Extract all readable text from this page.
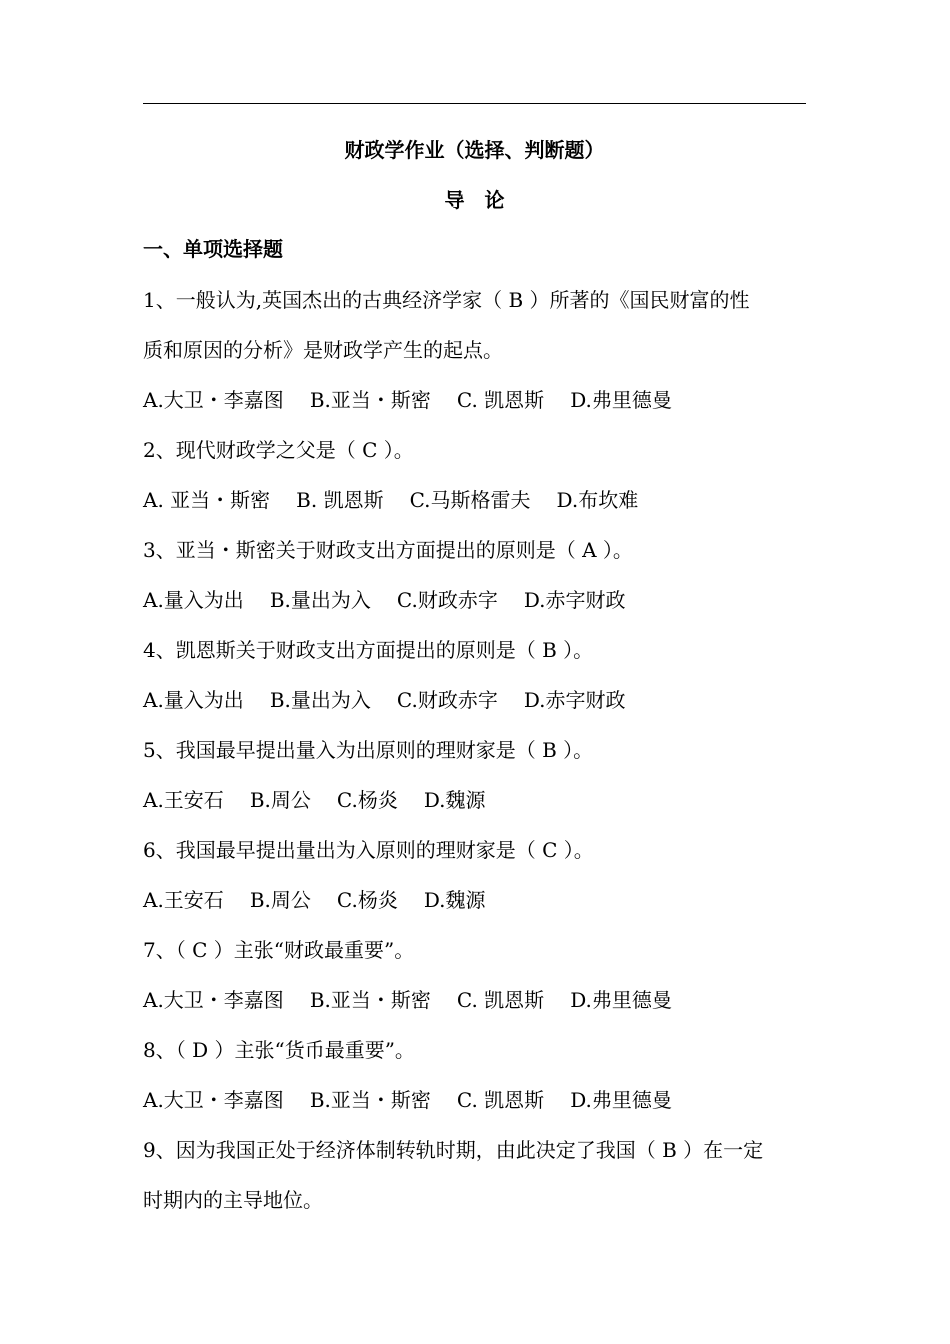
财政学作业（选择、判断题）
导论
一、单项选择题
1、一般认为,英国杰出的古典经济学家（ B ）所著的《国民财富的性
质和原因的分析》是财政学产生的起点。
A.大卫・李嘉图 B.亚当・斯密 C. 凯恩斯 D.弗里德曼
2、现代财政学之父是（ C ）。
A. 亚当・斯密 B. 凯恩斯 C.马斯格雷夫 D.布坎难
3、亚当・斯密关于财政支出方面提出的原则是（ A ）。
A.量入为出 B.量出为入 C.财政赤字 D.赤字财政
4、凯恩斯关于财政支出方面提出的原则是（ B ）。
A.量入为出 B.量出为入 C.财政赤字 D.赤字财政
5、我国最早提出量入为出原则的理财家是（ B ）。
A.王安石 B.周公 C.杨炎 D.魏源
6、我国最早提出量出为入原则的理财家是（ C ）。
A.王安石 B.周公 C.杨炎 D.魏源
7、（ C ）主张“财政最重要”。
A.大卫・李嘉图 B.亚当・斯密 C. 凯恩斯 D.弗里德曼
8、（ D ）主张“货币最重要”。
A.大卫・李嘉图 B.亚当・斯密 C. 凯恩斯 D.弗里德曼
9、因为我国正处于经济体制转轨时期，由此决定了我国（ B ）在一定
时期内的主导地位。
